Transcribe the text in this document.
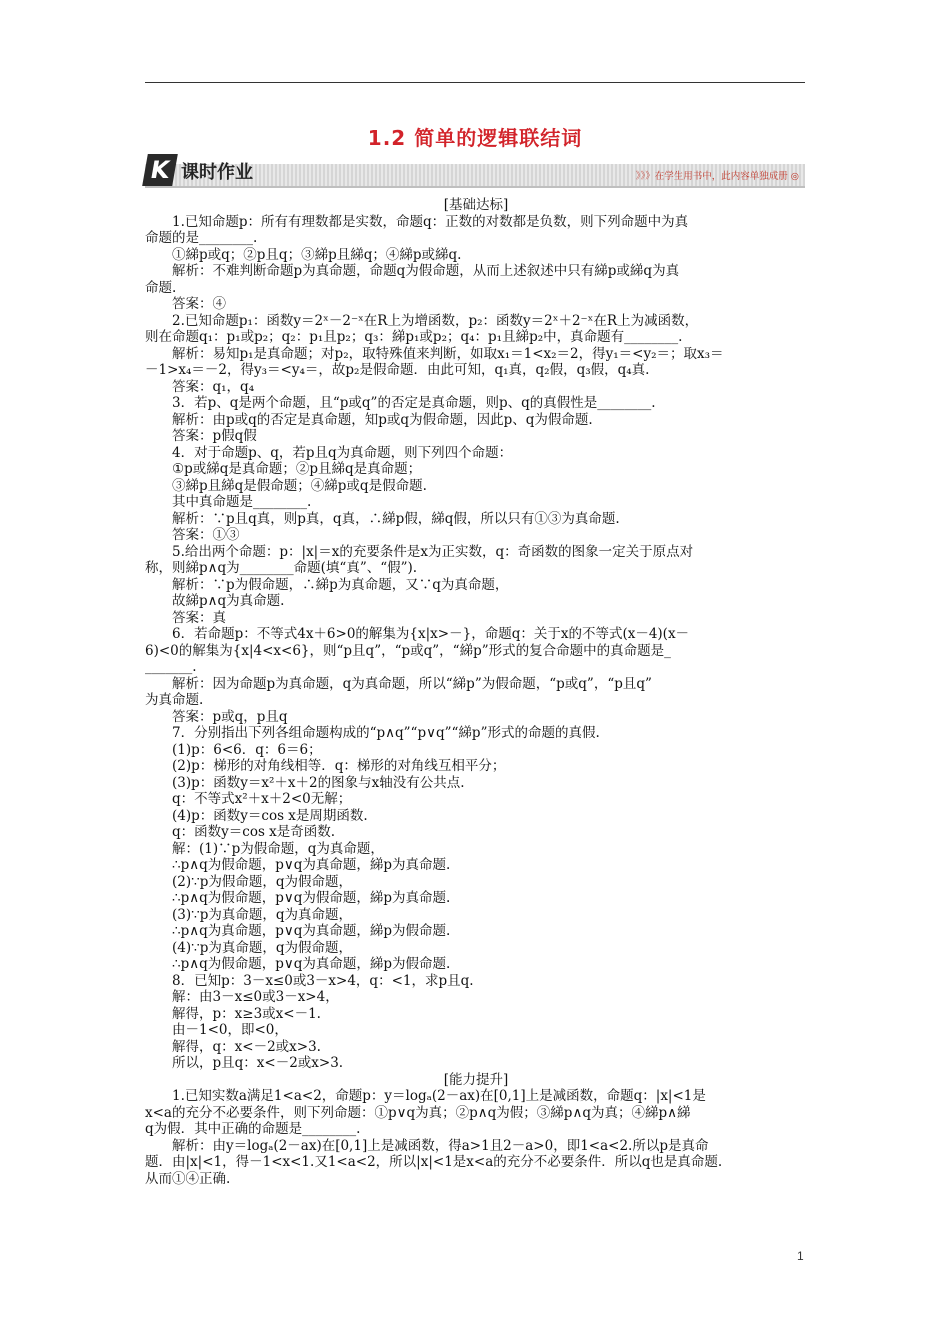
1.2 简单的逻辑联结词
K 课时作业	》》》在学生用书中，此内容单独成册 ◎

[基础达标]

1.已知命题p：所有有理数都是实数，命题q：正数的对数都是负数，则下列命题中为真

命题的是________.

①綈p或q；②p且q；③綈p且綈q；④綈p或綈q.

解析：不难判断命题p为真命题，命题q为假命题，从而上述叙述中只有綈p或綈q为真

命题.

答案：④

2.已知命题p₁：函数y＝2ˣ－2⁻ˣ在R上为增函数，p₂：函数y＝2ˣ＋2⁻ˣ在R上为减函数，

则在命题q₁：p₁或p₂；q₂：p₁且p₂；q₃：綈p₁或p₂；q₄：p₁且綈p₂中，真命题有________.

解析：易知p₁是真命题；对p₂，取特殊值来判断，如取x₁＝1<x₂＝2，得y₁＝<y₂＝；取x₃＝

－1>x₄＝－2，得y₃＝<y₄＝，故p₂是假命题．由此可知，q₁真，q₂假，q₃假，q₄真.

答案：q₁，q₄

3．若p、q是两个命题，且“p或q”的否定是真命题，则p、q的真假性是________.

解析：由p或q的否定是真命题，知p或q为假命题，因此p、q为假命题.

答案：p假q假

4．对于命题p、q，若p且q为真命题，则下列四个命题：

①p或綈q是真命题；②p且綈q是真命题；

③綈p且綈q是假命题；④綈p或q是假命题.

其中真命题是________.

解析：∵p且q真，则p真，q真，∴綈p假，綈q假，所以只有①③为真命题.

答案：①③

5.给出两个命题：p：|x|＝x的充要条件是x为正实数，q：奇函数的图象一定关于原点对

称，则綈p∧q为________命题(填“真”、“假”).

解析：∵p为假命题，∴綈p为真命题，又∵q为真命题，

故綈p∧q为真命题.

答案：真

6．若命题p：不等式4x＋6>0的解集为{x|x>－}，命题q：关于x的不等式(x－4)(x－

6)<0的解集为{x|4<x<6}，则“p且q”，“p或q”，“綈p”形式的复合命题中的真命题是_

_______.

解析：因为命题p为真命题，q为真命题，所以“綈p”为假命题，“p或q”，“p且q”

为真命题.

答案：p或q，p且q

7．分别指出下列各组命题构成的“p∧q”“p∨q”“綈p”形式的命题的真假.

(1)p：6<6．q：6＝6；

(2)p：梯形的对角线相等．q：梯形的对角线互相平分；

(3)p：函数y＝x²＋x＋2的图象与x轴没有公共点.

q：不等式x²＋x＋2<0无解；

(4)p：函数y＝cos x是周期函数.

q：函数y＝cos x是奇函数.

解：(1)∵p为假命题，q为真命题，

∴p∧q为假命题，p∨q为真命题，綈p为真命题.

(2)∵p为假命题，q为假命题，

∴p∧q为假命题，p∨q为假命题，綈p为真命题.

(3)∵p为真命题，q为真命题，

∴p∧q为真命题，p∨q为真命题，綈p为假命题.

(4)∵p为真命题，q为假命题，

∴p∧q为假命题，p∨q为真命题，綈p为假命题.

8．已知p：3－x≤0或3－x>4，q：<1，求p且q.

解：由3－x≤0或3－x>4，

解得，p：x≥3或x<－1.

由－1<0，即<0，

解得，q：x<－2或x>3.

所以，p且q：x<－2或x>3.

[能力提升]

1.已知实数a满足1<a<2，命题p：y＝logₐ(2－ax)在[0,1]上是减函数，命题q：|x|<1是

x<a的充分不必要条件，则下列命题：①p∨q为真；②p∧q为假；③綈p∧q为真；④綈p∧綈

q为假．其中正确的命题是________.

解析：由y＝logₐ(2－ax)在[0,1]上是减函数，得a>1且2－a>0，即1<a<2.所以p是真命

题．由|x|<1，得－1<x<1.又1<a<2，所以|x|<1是x<a的充分不必要条件．所以q也是真命题.

从而①④正确.

1
